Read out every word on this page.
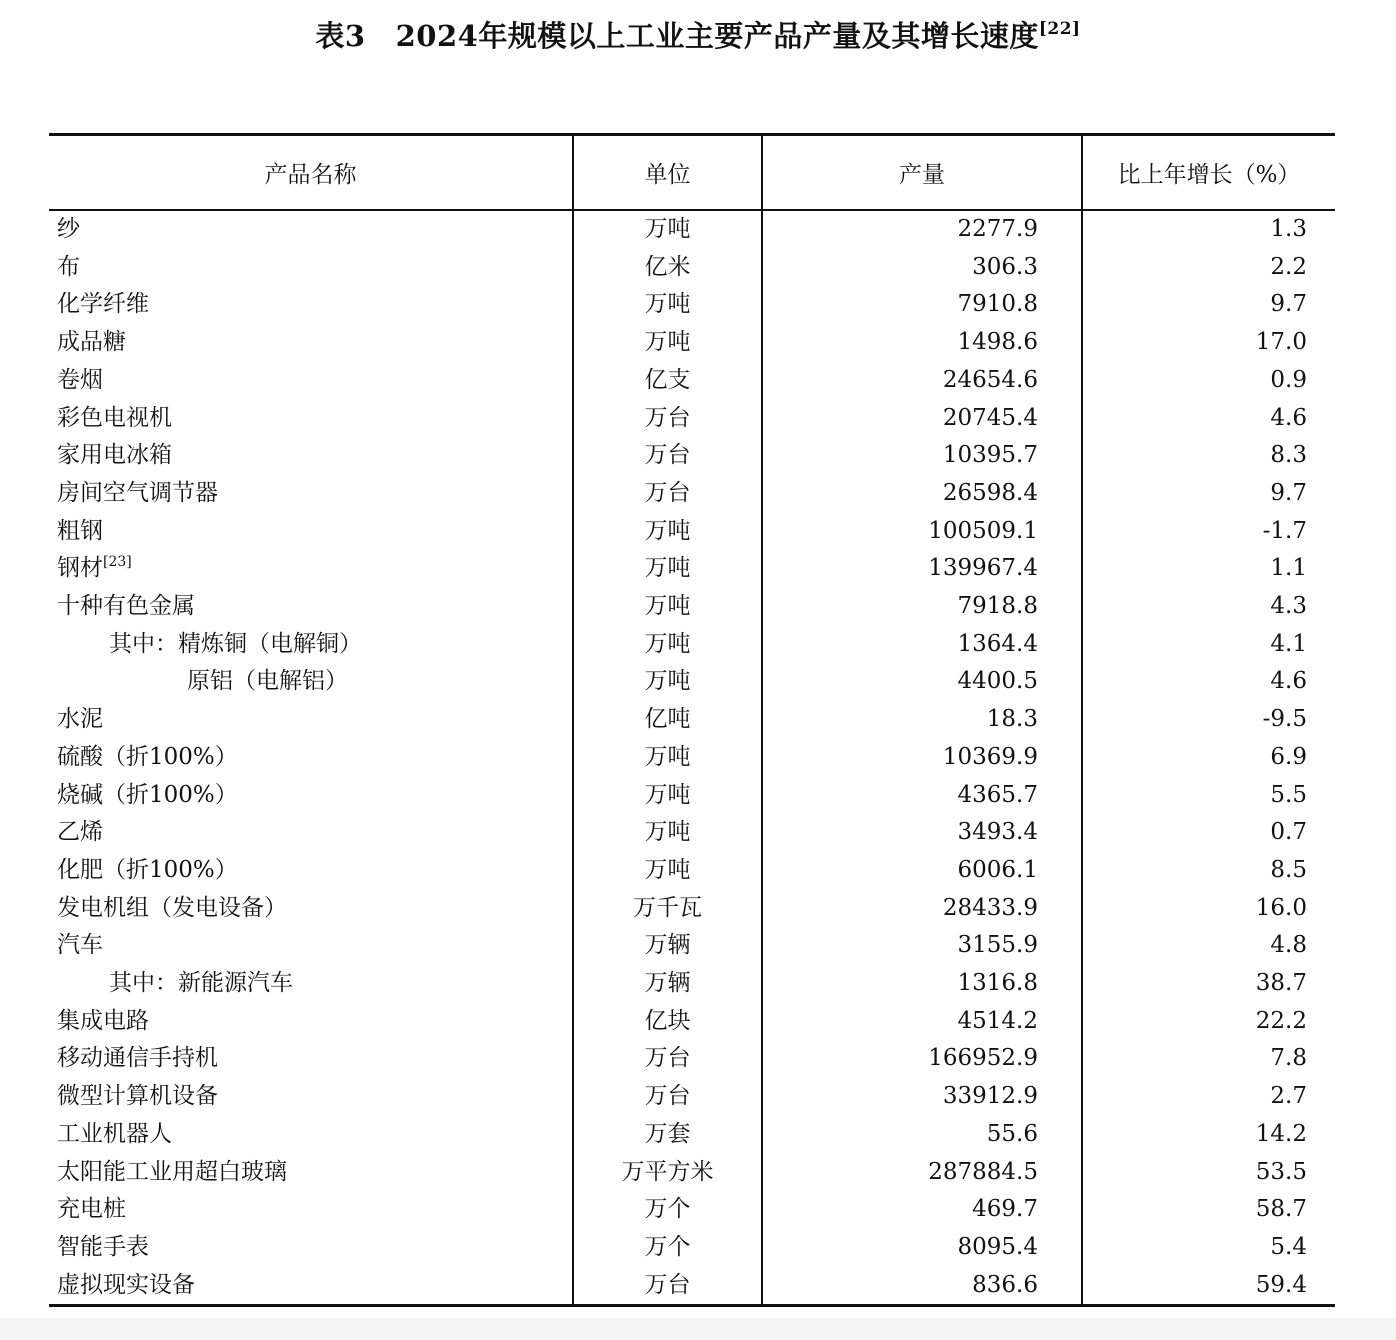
表3 2024年规模以上工业主要产品产量及其增长速度[22]
产品名称	单位	产量	比上年增长（%）
纱	万吨	2277.9	1.3
布	亿米	306.3	2.2
化学纤维	万吨	7910.8	9.7
成品糖	万吨	1498.6	17.0
卷烟	亿支	24654.6	0.9
彩色电视机	万台	20745.4	4.6
家用电冰箱	万台	10395.7	8.3
房间空气调节器	万台	26598.4	9.7
粗钢	万吨	100509.1	-1.7
钢材[23]	万吨	139967.4	1.1
十种有色金属	万吨	7918.8	4.3
其中：精炼铜（电解铜）	万吨	1364.4	4.1
原铝（电解铝）	万吨	4400.5	4.6
水泥	亿吨	18.3	-9.5
硫酸（折100%）	万吨	10369.9	6.9
烧碱（折100%）	万吨	4365.7	5.5
乙烯	万吨	3493.4	0.7
化肥（折100%）	万吨	6006.1	8.5
发电机组（发电设备）	万千瓦	28433.9	16.0
汽车	万辆	3155.9	4.8
其中：新能源汽车	万辆	1316.8	38.7
集成电路	亿块	4514.2	22.2
移动通信手持机	万台	166952.9	7.8
微型计算机设备	万台	33912.9	2.7
工业机器人	万套	55.6	14.2
太阳能工业用超白玻璃	万平方米	287884.5	53.5
充电桩	万个	469.7	58.7
智能手表	万个	8095.4	5.4
虚拟现实设备	万台	836.6	59.4
